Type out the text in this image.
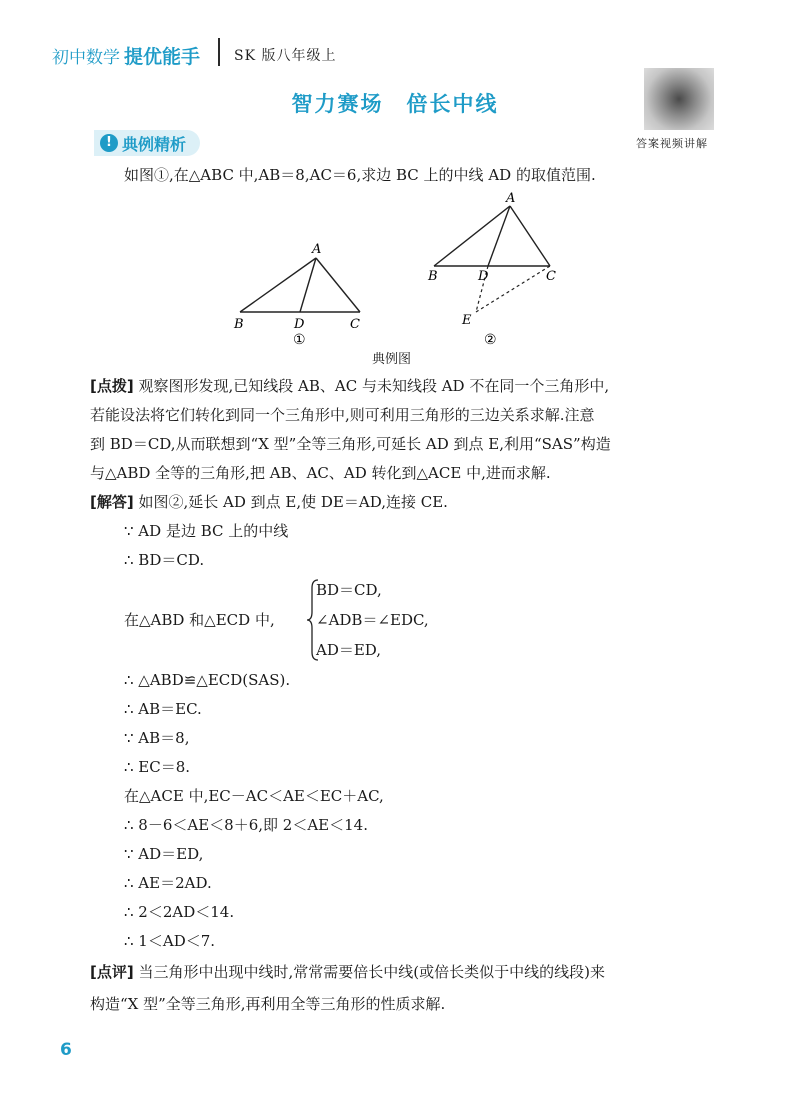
初中数学 提优能手 SK 版八年级上
答案视频讲解
智力赛场　倍长中线
! 典例精析
如图①,在△ABC 中,AB＝8,AC＝6,求边 BC 上的中线 AD 的取值范围.
A
B	D	C
①
A
B	D	C
E
②
典例图
[点拨] 观察图形发现,已知线段 AB、AC 与未知线段 AD 不在同一个三角形中,
若能设法将它们转化到同一个三角形中,则可利用三角形的三边关系求解.注意
到 BD＝CD,从而联想到“X 型”全等三角形,可延长 AD 到点 E,利用“SAS”构造
与△ABD 全等的三角形,把 AB、AC、AD 转化到△ACE 中,进而求解.
[解答] 如图②,延长 AD 到点 E,使 DE＝AD,连接 CE.
∵ AD 是边 BC 上的中线
∴ BD＝CD.
在△ABD 和△ECD 中,
BD＝CD,
∠ADB＝∠EDC,
AD＝ED,
∴ △ABD≌△ECD(SAS).
∴ AB＝EC.
∵ AB＝8,
∴ EC＝8.
在△ACE 中,EC－AC＜AE＜EC＋AC,
∴ 8－6＜AE＜8＋6,即 2＜AE＜14.
∵ AD＝ED,
∴ AE＝2AD.
∴ 2＜2AD＜14.
∴ 1＜AD＜7.
[点评] 当三角形中出现中线时,常常需要倍长中线(或倍长类似于中线的线段)来
构造“X 型”全等三角形,再利用全等三角形的性质求解.
6
